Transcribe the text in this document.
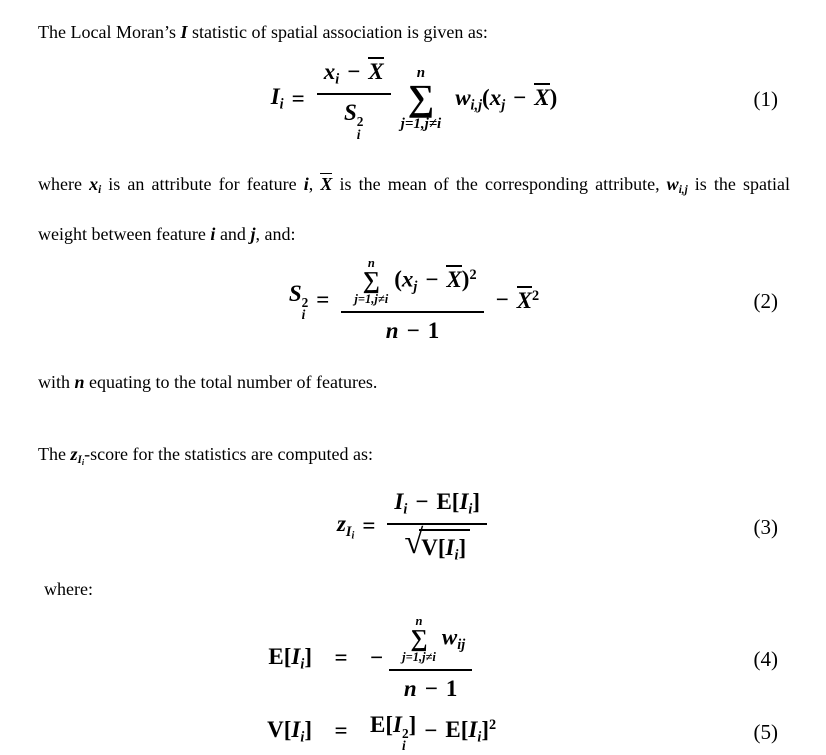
The Local Moran’s I statistic of spatial association is given as:

Ii = xi − X
S 2
i n
∑
j=1,j≠i
wi,j(xj − X)	(1)

where xi is an attribute for feature i, X is the mean of the corresponding attribute, wi,j is the spatial weight between feature i and j, and:

S 2
i
= n
∑
j=1,j≠i
(xj − X)$^2$
$n - 1 - X^2$	(2)

with n equating to the total number of features.

The zIi-score for the statistics are computed as:

$z_{Ii} = Ii - E[Ii]$
√
V[Ii]	(3)

where:

E[Ii] = − n
∑
j=1,j≠i
wij
n − 1	(4)
V[Ii] = E[I 2
i
] − $E[Ii]^2$	(5)
